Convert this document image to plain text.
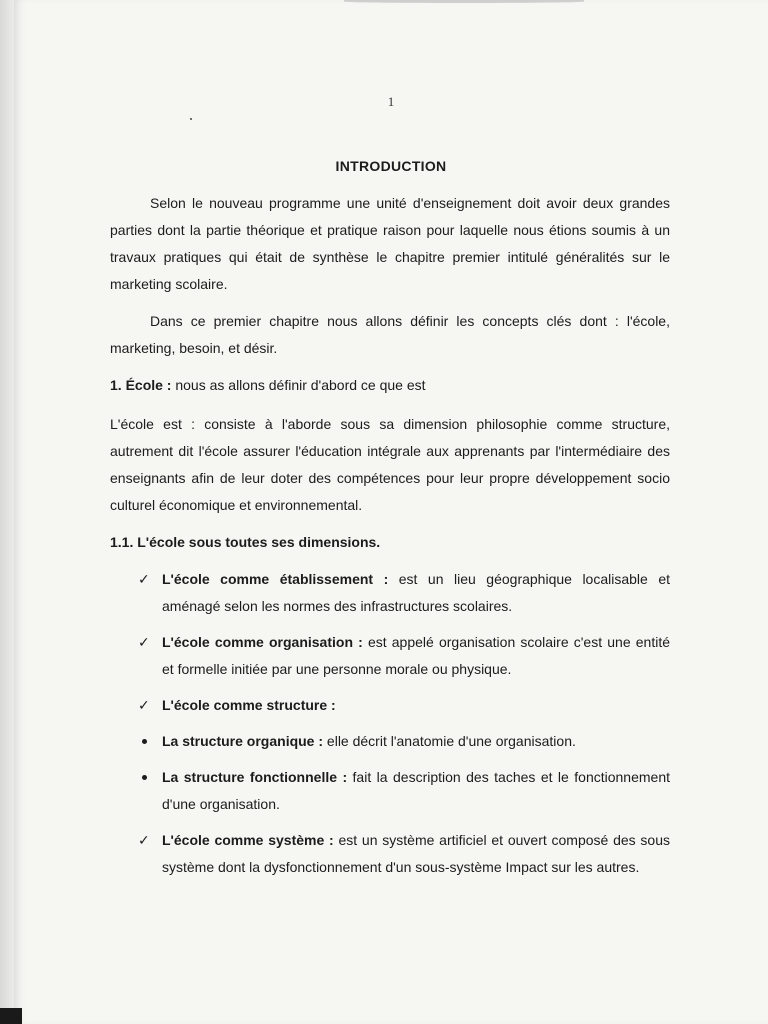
1
INTRODUCTION

Selon le nouveau programme une unité d'enseignement doit avoir deux grandes parties dont la partie théorique et pratique raison pour laquelle nous étions soumis à un travaux pratiques qui était de synthèse le chapitre premier intitulé généralités sur le marketing scolaire.

Dans ce premier chapitre nous allons définir les concepts clés dont : l'école, marketing, besoin, et désir.

1. École : nous as allons définir d'abord ce que est

L'école est : consiste à l'aborde sous sa dimension philosophie comme structure, autrement dit l'école assurer l'éducation intégrale aux apprenants par l'intermédiaire des enseignants afin de leur doter des compétences pour leur propre développement socio culturel économique et environnemental.

1.1. L'école sous toutes ses dimensions.

✓ L'école comme établissement : est un lieu géographique localisable et aménagé selon les normes des infrastructures scolaires.
✓ L'école comme organisation : est appelé organisation scolaire c'est une entité et formelle initiée par une personne morale ou physique.
✓ L'école comme structure :
La structure organique : elle décrit l'anatomie d'une organisation.
La structure fonctionnelle : fait la description des taches et le fonctionnement d'une organisation.
✓ L'école comme système : est un système artificiel et ouvert composé des sous système dont la dysfonctionnement d'un sous-système Impact sur les autres.
